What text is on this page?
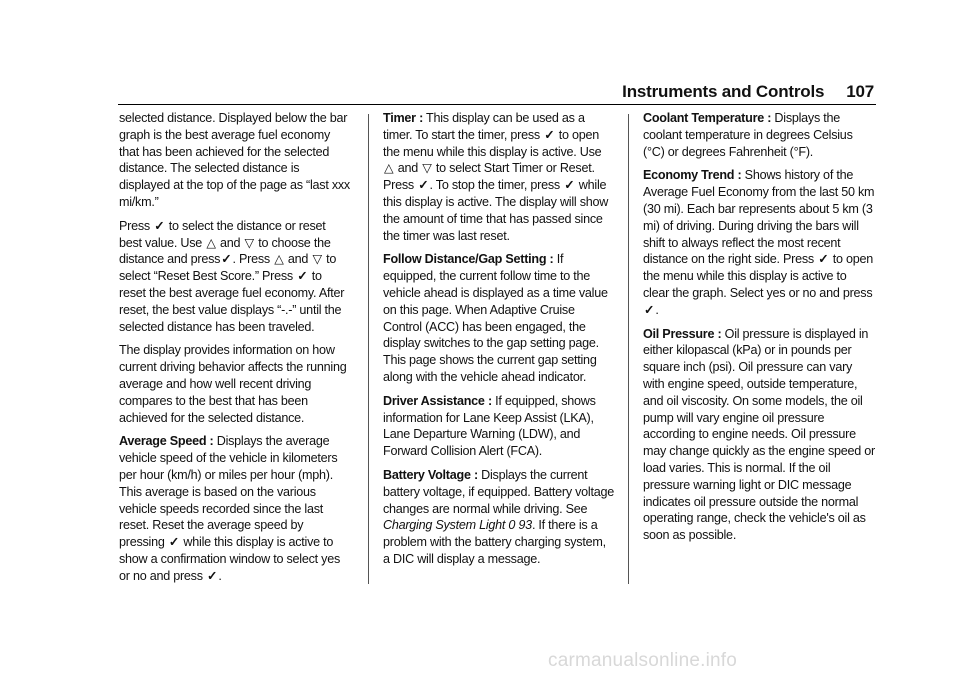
Instruments and Controls 107

selected distance. Displayed below the bar graph is the best average fuel economy that has been achieved for the selected distance. The selected distance is displayed at the top of the page as “last xxx mi/km.”

Press ✓ to select the distance or reset best value. Use △ and ▽ to choose the distance and press✓. Press △ and ▽ to select “Reset Best Score.” Press ✓ to reset the best average fuel economy. After reset, the best value displays “-.-” until the selected distance has been traveled.

The display provides information on how current driving behavior affects the running average and how well recent driving compares to the best that has been achieved for the selected distance.

Average Speed : Displays the average vehicle speed of the vehicle in kilometers per hour (km/h) or miles per hour (mph). This average is based on the various vehicle speeds recorded since the last reset. Reset the average speed by pressing ✓ while this display is active to show a confirmation window to select yes or no and press ✓.

Timer : This display can be used as a timer. To start the timer, press ✓ to open the menu while this display is active. Use △ and ▽ to select Start Timer or Reset. Press ✓. To stop the timer, press ✓ while this display is active. The display will show the amount of time that has passed since the timer was last reset.

Follow Distance/Gap Setting : If equipped, the current follow time to the vehicle ahead is displayed as a time value on this page. When Adaptive Cruise Control (ACC) has been engaged, the display switches to the gap setting page. This page shows the current gap setting along with the vehicle ahead indicator.

Driver Assistance : If equipped, shows information for Lane Keep Assist (LKA), Lane Departure Warning (LDW), and Forward Collision Alert (FCA).

Battery Voltage : Displays the current battery voltage, if equipped. Battery voltage changes are normal while driving. See Charging System Light 0 93. If there is a problem with the battery charging system, a DIC will display a message.

Coolant Temperature : Displays the coolant temperature in degrees Celsius (°C) or degrees Fahrenheit (°F).

Economy Trend : Shows history of the Average Fuel Economy from the last 50 km (30 mi). Each bar represents about 5 km (3 mi) of driving. During driving the bars will shift to always reflect the most recent distance on the right side. Press ✓ to open the menu while this display is active to clear the graph. Select yes or no and press ✓.

Oil Pressure : Oil pressure is displayed in either kilopascal (kPa) or in pounds per square inch (psi). Oil pressure can vary with engine speed, outside temperature, and oil viscosity. On some models, the oil pump will vary engine oil pressure according to engine needs. Oil pressure may change quickly as the engine speed or load varies. This is normal. If the oil pressure warning light or DIC message indicates oil pressure outside the normal operating range, check the vehicle's oil as soon as possible.

carmanualsonline.info
